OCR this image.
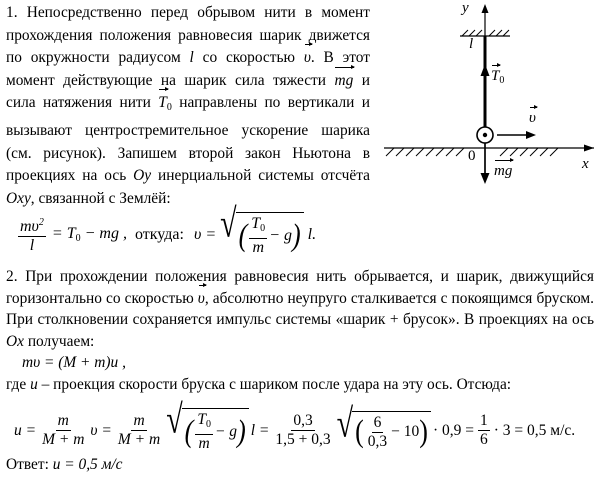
1. Непосредственно перед обрывом нити в момент прохождения положения равновесия шарик движется по окружности радиусом l со скоростью υ. В этот момент действующие на шарик сила тяжести mg и сила натяжения нити $T_0$ направлены по вертикали и вызывают центростремительное ускорение шарика (см. рисунок). Запишем второй закон Ньютона в проекциях на ось Oy инерциальной системы отсчёта Oxy, связанной с Землёй:

y
x
l
0
$T_0$
υ
mg
$\frac{m\upsilon^2}{l} = T_0$ − mg , откуда: υ = √ ( $\frac{T_0}{m} - g$ ) l.

2. При прохождении положения равновесия нить обрывается, и шарик, движущийся горизонтально со скоростью υ, абсолютно неупруго сталкивается с покоящимся бруском. При столкновении сохраняется импульс системы «шарик + брусок». В проекциях на ось Ox получаем:

mυ = (M + m)u ,

где u – проекция скорости бруска с шариком после удара на эту ось. Отсюда:

$u = \frac{m}{M + m}$ $\upsilon = \frac{m}{M + m}$ √ ( $\frac{T_0}{m} - g$ ) $l = \frac{0,3}{1,5 + 0,3}$ √ ( $\frac{6}{0,3} - 10$ ) · $0,9 = \frac{1}{6} \cdot 3 = 0,5$ м/с.
Ответ: u = 0,5 м/с
